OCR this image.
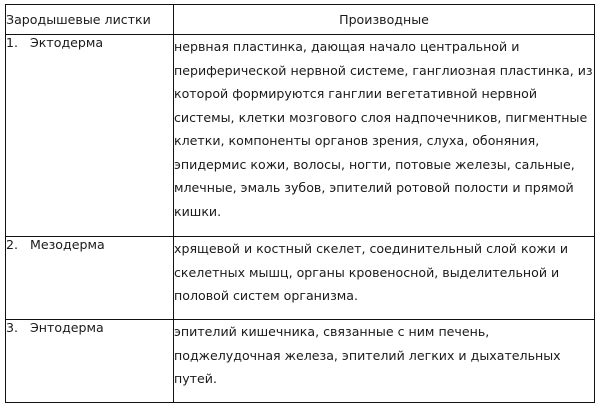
Зародышевые листки	Производные
1. Эктодерма	нервная пластинка, дающая начало центральной и периферической нервной системе, ганглиозная пластинка, из которой формируются ганглии вегетативной нервной системы, клетки мозгового слоя надпочечников, пигментные клетки, компоненты органов зрения, слуха, обоняния, эпидермис кожи, волосы, ногти, потовые железы, сальные, млечные, эмаль зубов, эпителий ротовой полости и прямой кишки.
2. Мезодерма	хрящевой и костный скелет, соединительный слой кожи и скелетных мышц, органы кровеносной, выделительной и половой систем организма.
3. Энтодерма	эпителий кишечника, связанные с ним печень, поджелудочная железа, эпителий легких и дыхательных путей.
